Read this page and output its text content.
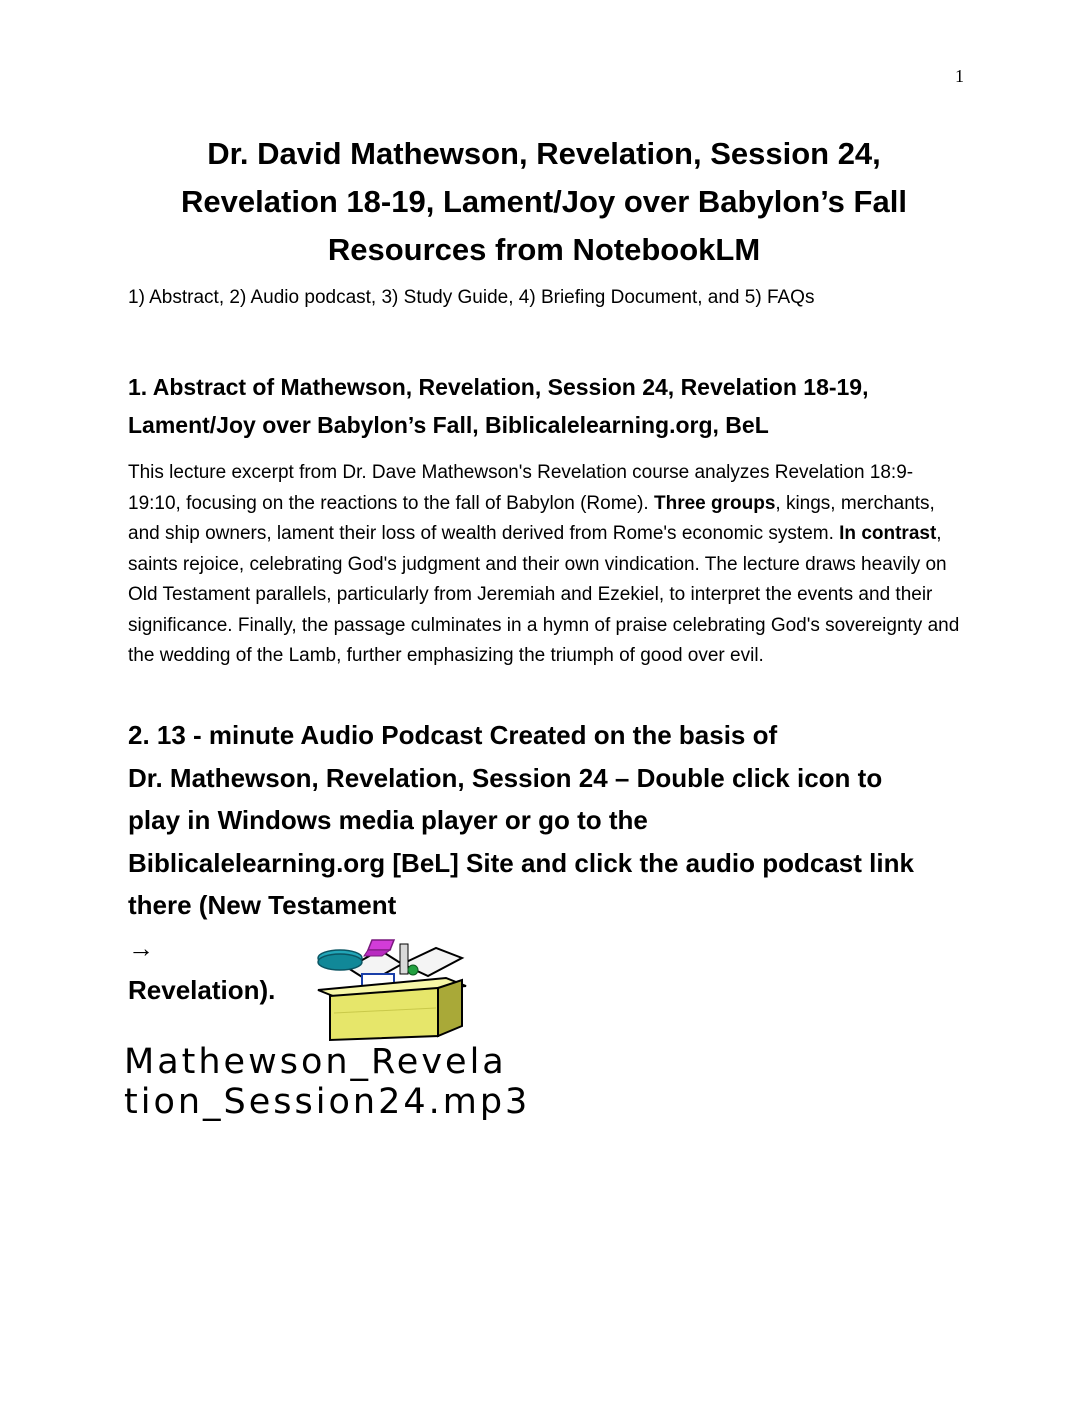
1
Dr. David Mathewson, Revelation, Session 24,
Revelation 18-19, Lament/Joy over Babylon’s Fall
Resources from NotebookLM
1) Abstract, 2) Audio podcast, 3) Study Guide, 4) Briefing Document, and 5) FAQs
1. Abstract of Mathewson, Revelation, Session 24, Revelation 18-19,
Lament/Joy over Babylon’s Fall, Biblicalelearning.org, BeL
This lecture excerpt from Dr. Dave Mathewson's Revelation course analyzes Revelation 18:9-19:10, focusing on the reactions to the fall of Babylon (Rome). Three groups, kings, merchants, and ship owners, lament their loss of wealth derived from Rome's economic system. In contrast, saints rejoice, celebrating God's judgment and their own vindication. The lecture draws heavily on Old Testament parallels, particularly from Jeremiah and Ezekiel, to interpret the events and their significance. Finally, the passage culminates in a hymn of praise celebrating God's sovereignty and the wedding of the Lamb, further emphasizing the triumph of good over evil.
2. 13 - minute Audio Podcast Created on the basis of
Dr. Mathewson, Revelation, Session 24 – Double click icon to
play in Windows media player or go to the
Biblicalelearning.org [BeL] Site and click the audio podcast link
there (New Testament
→
Revelation).
Mathewson_Revela
tion_Session24.mp3
